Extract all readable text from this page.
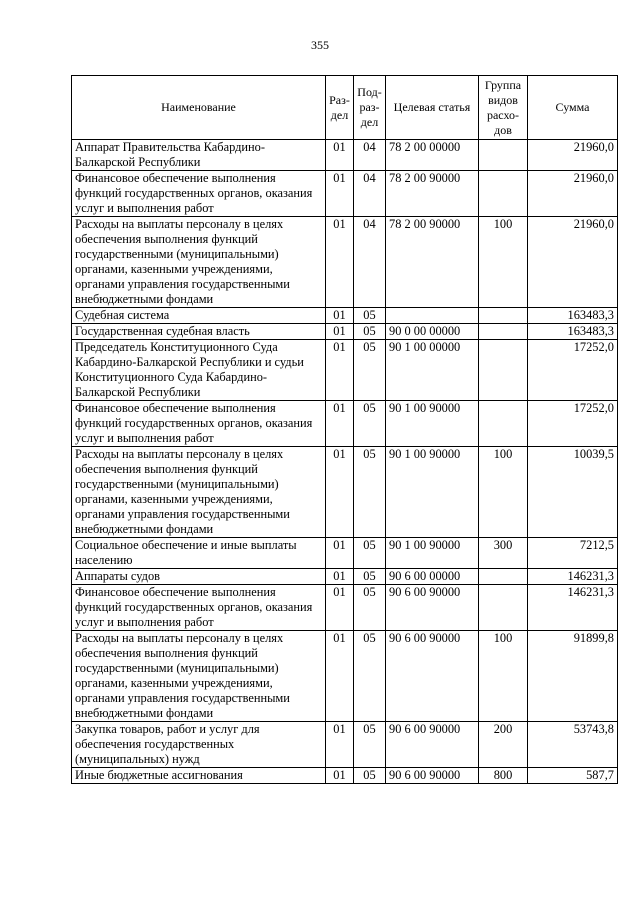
355
Наименование	Раз-дел	Под-раз-дел	Целевая статья	Группа видов расхо-дов	Сумма
Аппарат Правительства Кабардино-Балкарской Республики	01	04	78 2 00 00000		21960,0
Финансовое обеспечение выполнения функций государственных органов, оказания услуг и выполнения работ	01	04	78 2 00 90000		21960,0
Расходы на выплаты персоналу в целях обеспечения выполнения функций государственными (муниципальными) органами, казенными учреждениями, органами управления государственными внебюджетными фондами	01	04	78 2 00 90000	100	21960,0
Судебная система	01	05			163483,3
Государственная судебная власть	01	05	90 0 00 00000		163483,3
Председатель Конституционного Суда Кабардино-Балкарской Республики и судьи Конституционного Суда Кабардино-Балкарской Республики	01	05	90 1 00 00000		17252,0
Финансовое обеспечение выполнения функций государственных органов, оказания услуг и выполнения работ	01	05	90 1 00 90000		17252,0
Расходы на выплаты персоналу в целях обеспечения выполнения функций государственными (муниципальными) органами, казенными учреждениями, органами управления государственными внебюджетными фондами	01	05	90 1 00 90000	100	10039,5
Социальное обеспечение и иные выплаты населению	01	05	90 1 00 90000	300	7212,5
Аппараты судов	01	05	90 6 00 00000		146231,3
Финансовое обеспечение выполнения функций государственных органов, оказания услуг и выполнения работ	01	05	90 6 00 90000		146231,3
Расходы на выплаты персоналу в целях обеспечения выполнения функций государственными (муниципальными) органами, казенными учреждениями, органами управления государственными внебюджетными фондами	01	05	90 6 00 90000	100	91899,8
Закупка товаров, работ и услуг для обеспечения государственных (муниципальных) нужд	01	05	90 6 00 90000	200	53743,8
Иные бюджетные ассигнования	01	05	90 6 00 90000	800	587,7
